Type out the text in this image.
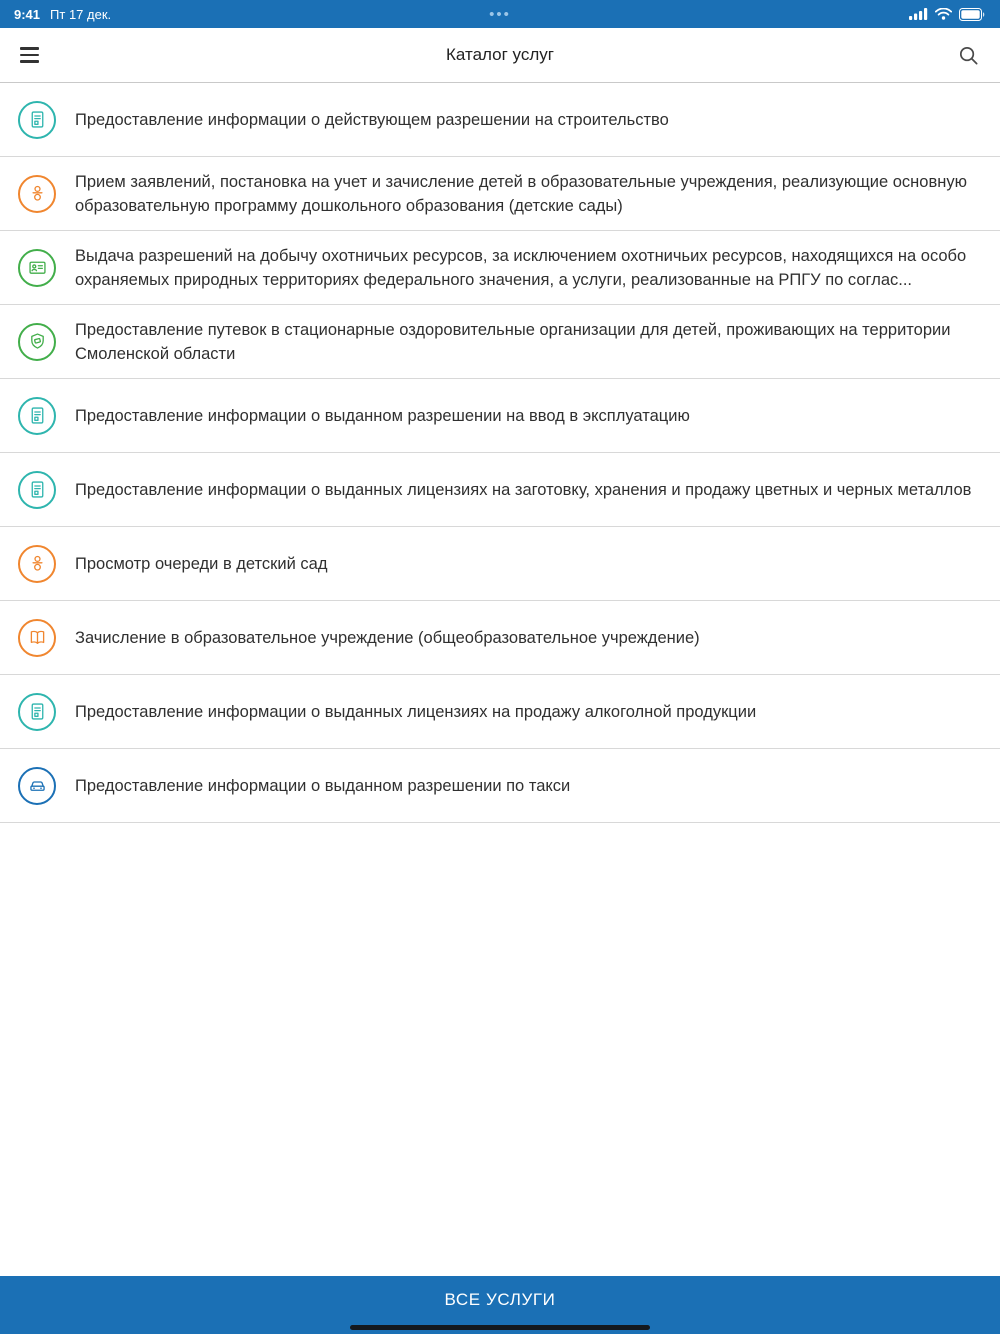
•••
9:41 Пт 17 дек.
Каталог услуг
Предоставление информации о действующем разрешении на строительство
Прием заявлений, постановка на учет и зачисление детей в образовательные учреждения, реализующие основную образовательную программу дошкольного образования (детские сады)
Выдача разрешений на добычу охотничьих ресурсов, за исключением охотничьих ресурсов, находящихся на особо охраняемых природных территориях федерального значения, а услуги, реализованные на РПГУ по соглас...
Предоставление путевок в стационарные оздоровительные организации для детей, проживающих на территории Смоленской области
Предоставление информации о выданном разрешении на ввод в эксплуатацию
Предоставление информации о выданных лицензиях на заготовку, хранения и продажу цветных и черных металлов
Просмотр очереди в детский сад
Зачисление в образовательное учреждение (общеобразовательное учреждение)
Предоставление информации о выданных лицензиях на продажу алкоголной продукции
Предоставление информации о выданном разрешении по такси
ВСЕ УСЛУГИ
